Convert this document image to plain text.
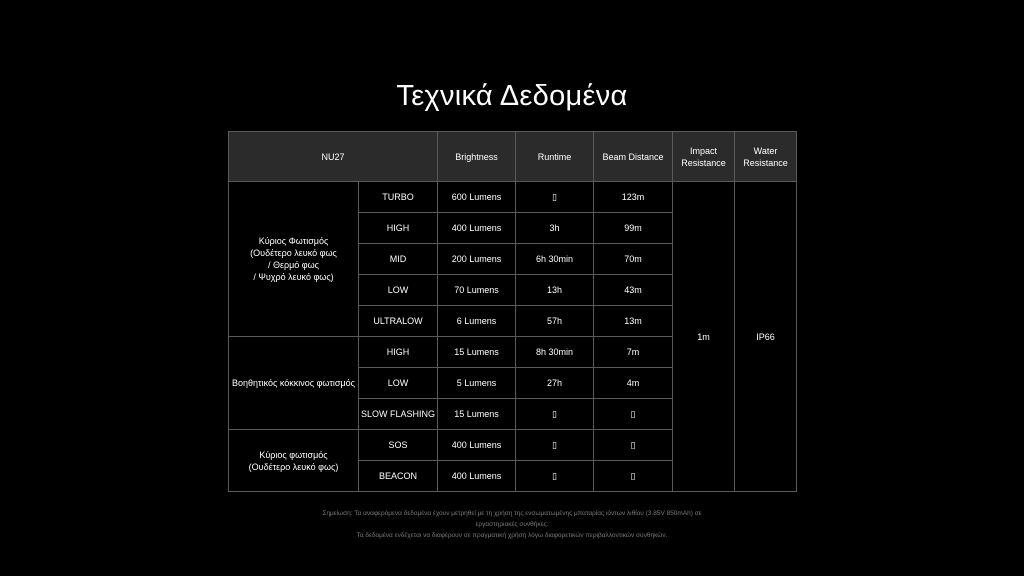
Τεχνικά Δεδομένα
NU27		Brightness	Runtime	Beam Distance	Impact Resistance	Water Resistance

Κύριος Φωτισμός
(Ουδέτερο λευκό φως
/ Θερμό φως
/ Ψυχρό λευκό φως)	TURBO	600 Lumens	▯	123m	1m	IP66
	HIGH	400 Lumens	3h	99m		
	MID	200 Lumens	6h 30min	70m		
	LOW	70 Lumens	13h	43m		
	ULTRALOW	6 Lumens	57h	13m		

Βοηθητικός κόκκινος φωτισμός	HIGH	15 Lumens	8h 30min	7m		
	LOW	5 Lumens	27h	4m		
	SLOW FLASHING	15 Lumens	▯	▯		

Κύριος φωτισμός
(Ουδέτερο λευκό φως)	SOS	400 Lumens	▯	▯		
	BEACON	400 Lumens	▯	▯		
Σημείωση: Τα αναφερόμενα δεδομένα έχουν μετρηθεί με τη χρήση της ενσωματωμένης μπαταρίας ιόντων λιθίου (3.85V 850mAh) σε εργαστηριακές συνθήκες.
Τα δεδομένα ενδέχεται να διαφέρουν σε πραγματική χρήση λόγω διαφορετικών περιβαλλοντικών συνθηκών.
